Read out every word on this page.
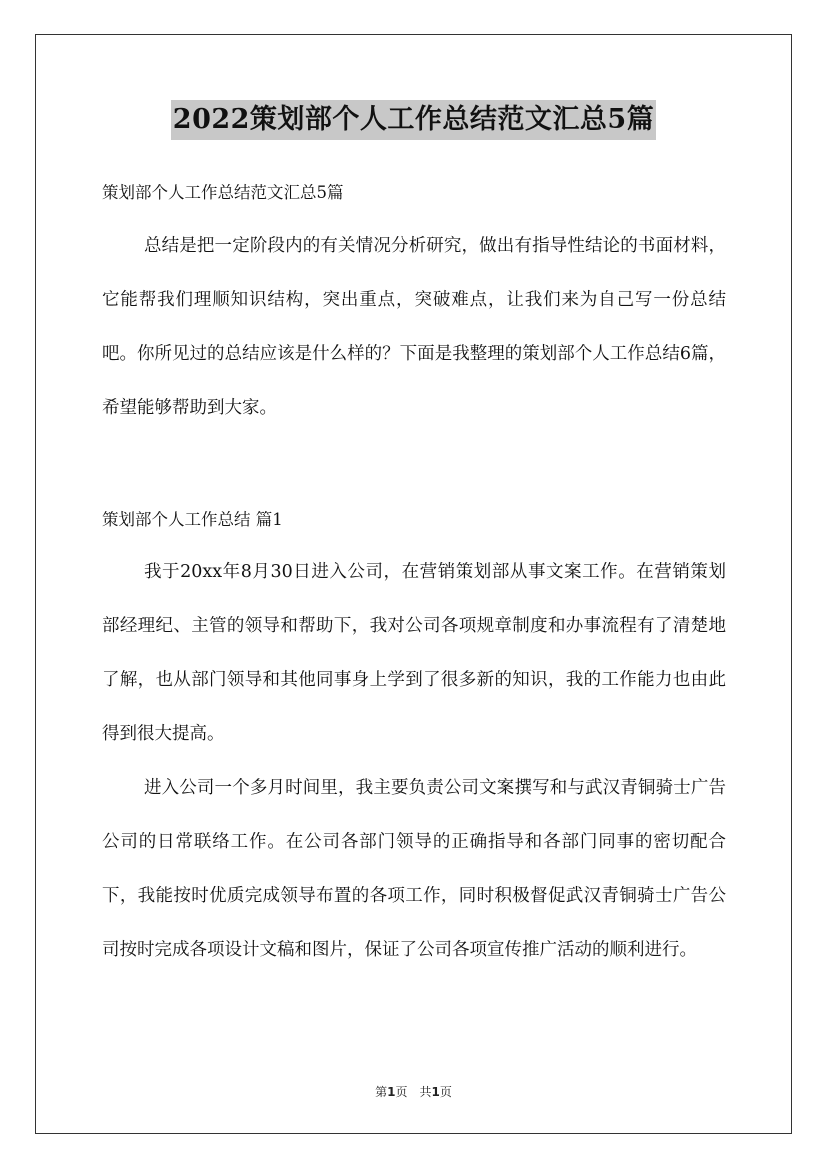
2022策划部个人工作总结范文汇总5篇
策划部个人工作总结范文汇总5篇

总结是把一定阶段内的有关情况分析研究，做出有指导性结论的书面材料，它能帮我们理顺知识结构，突出重点，突破难点，让我们来为自己写一份总结吧。你所见过的总结应该是什么样的？下面是我整理的策划部个人工作总结6篇，希望能够帮助到大家。

策划部个人工作总结 篇1

我于20xx年8月30日进入公司，在营销策划部从事文案工作。在营销策划部经理纪、主管的领导和帮助下，我对公司各项规章制度和办事流程有了清楚地了解，也从部门领导和其他同事身上学到了很多新的知识，我的工作能力也由此得到很大提高。

进入公司一个多月时间里，我主要负责公司文案撰写和与武汉青铜骑士广告公司的日常联络工作。在公司各部门领导的正确指导和各部门同事的密切配合下，我能按时优质完成领导布置的各项工作，同时积极督促武汉青铜骑士广告公司按时完成各项设计文稿和图片，保证了公司各项宣传推广活动的顺利进行。

第1页　共1页
